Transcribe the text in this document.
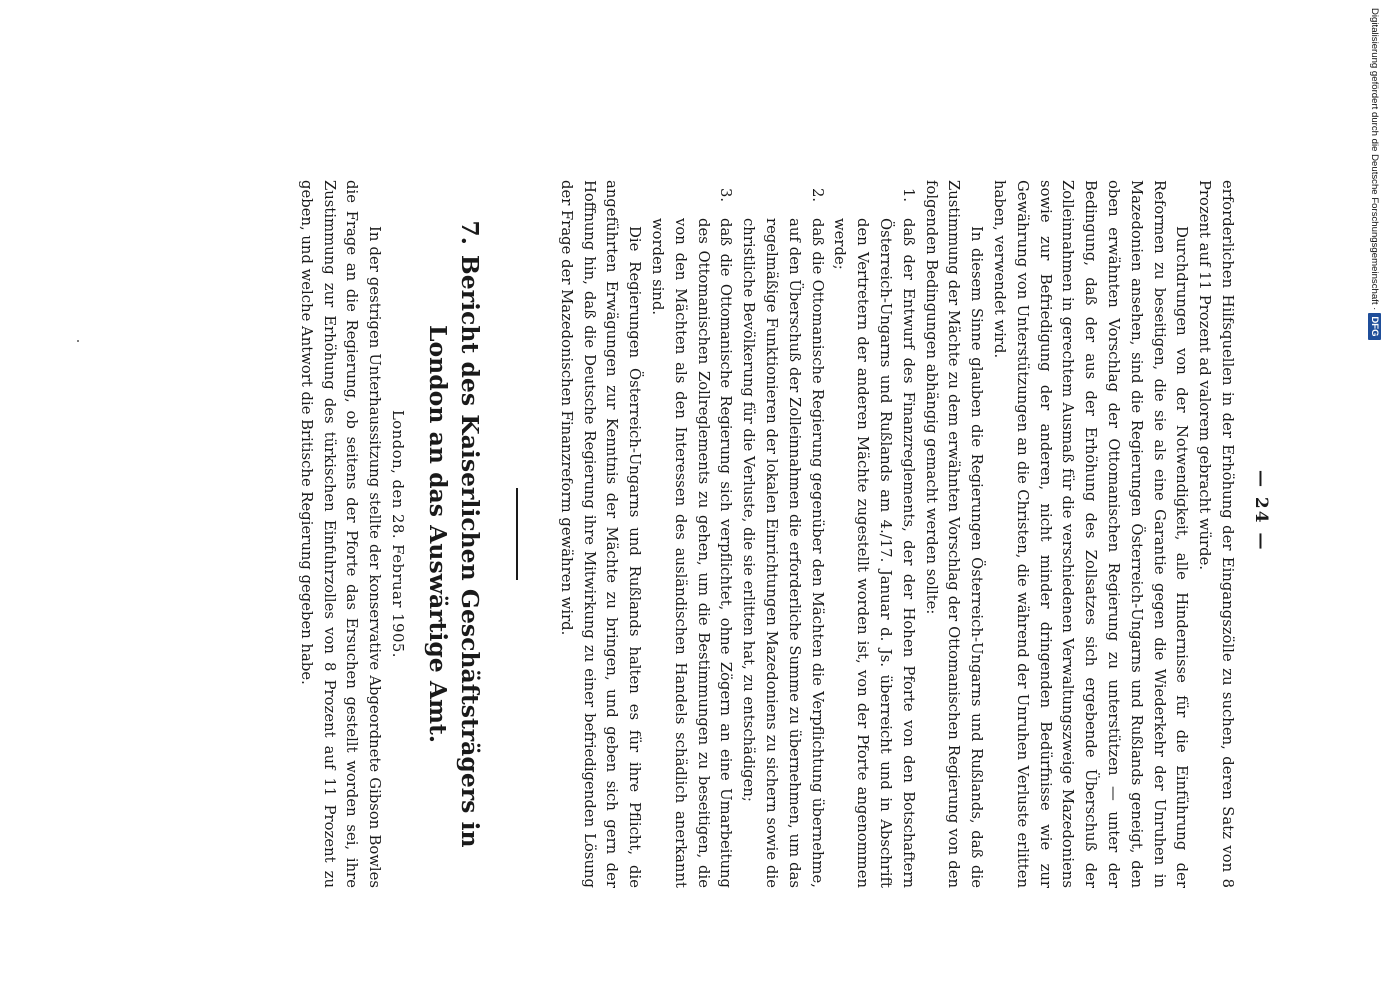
— 24 —

erforderlichen Hilfsquellen in der Erhöhung der Eingangszölle zu suchen, deren Satz von 8 Prozent auf 11 Prozent ad valorem gebracht würde.

Durchdrungen von der Notwendigkeit, alle Hindernisse für die Einführung der Reformen zu beseitigen, die sie als eine Garantie gegen die Wiederkehr der Unruhen in Mazedonien ansehen, sind die Regierungen Österreich-Ungarns und Rußlands geneigt, den oben erwähnten Vorschlag der Ottomanischen Regierung zu unterstützen — unter der Bedingung, daß der aus der Erhöhung des Zollsatzes sich ergebende Überschuß der Zolleinnahmen in gerechtem Ausmaß für die verschiedenen Verwaltungszweige Mazedoniens sowie zur Befriedigung der anderen, nicht minder dringenden Bedürfnisse wie zur Gewährung von Unterstützungen an die Christen, die während der Unruhen Verluste erlitten haben, verwendet wird.

In diesem Sinne glauben die Regierungen Österreich-Ungarns und Rußlands, daß die Zustimmung der Mächte zu dem erwähnten Vorschlag der Ottomanischen Regierung von den folgenden Bedingungen abhängig gemacht werden sollte:

1.
daß der Entwurf des Finanzreglements, der der Hohen Pforte von den Botschaftern Österreich-Ungarns und Rußlands am 4./17. Januar d. Js. überreicht und in Abschrift den Vertretern der anderen Mächte zugestellt worden ist, von der Pforte angenommen werde;
2.
daß die Ottomanische Regierung gegenüber den Mächten die Verpflichtung übernehme, auf den Überschuß der Zolleinnahmen die erforderliche Summe zu übernehmen, um das regelmäßige Funktionieren der lokalen Einrichtungen Mazedoniens zu sichern sowie die christliche Bevölkerung für die Verluste, die sie erlitten hat, zu entschädigen;
3.
daß die Ottomanische Regierung sich verpflichtet, ohne Zögern an eine Umarbeitung des Ottomanischen Zollreglements zu gehen, um die Bestimmungen zu beseitigen, die von den Mächten als den Interessen des ausländischen Handels schädlich anerkannt worden sind.

Die Regierungen Österreich-Ungarns und Rußlands halten es für ihre Pflicht, die angeführten Erwägungen zur Kenntnis der Mächte zu bringen, und geben sich gern der Hoffnung hin, daß die Deutsche Regierung ihre Mitwirkung zu einer befriedigenden Lösung der Frage der Mazedonischen Finanzreform gewähren wird.

7.Bericht des Kaiserlichen Geschäftsträgers in London an das Auswärtige Amt.

London, den 28. Februar 1905.

In der gestrigen Unterhaussitzung stellte der konservative Abgeordnete Gibson Bowles die Frage an die Regierung, ob seitens der Pforte das Ersuchen gestellt worden sei, ihre Zustimmung zur Erhöhung des türkischen Einfuhrzolles von 8 Prozent auf 11 Prozent zu geben, und welche Antwort die Britische Regierung gegeben habe.

Digitalisierung gefördert durch die Deutsche Forschungsgemeinschaft ·DFG
